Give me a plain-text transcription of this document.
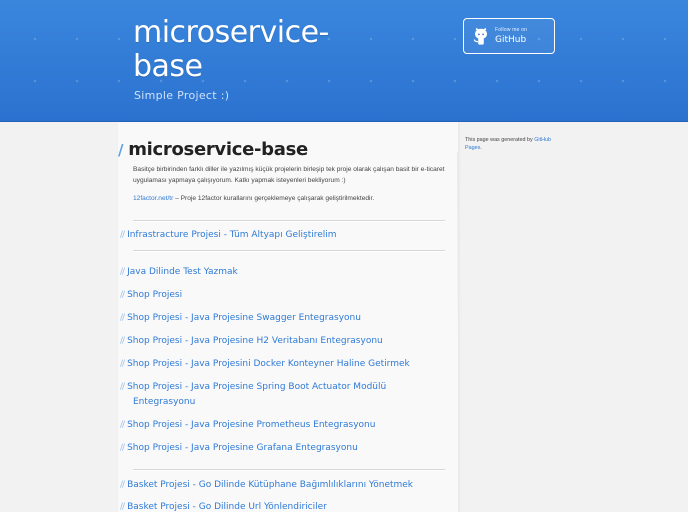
microservice-
base
Simple Project :)
Follow me on
GitHub
/ microservice-base

Basitçe birbirinden farklı diller ile yazılmış küçük projelerin birleşip tek proje olarak çalışan basit bir e-ticaret uygulaması yapmaya çalışıyorum. Katkı yapmak isteyenleri bekliyorum :)

12factor.net/tr – Proje 12factor kurallarını gerçeklemeye çalışarak geliştirilmektedir.

// Infrastracture Projesi - Tüm Altyapı Geliştirelim
// Java Dilinde Test Yazmak
// Shop Projesi
// Shop Projesi - Java Projesine Swagger Entegrasyonu
// Shop Projesi - Java Projesine H2 Veritabanı Entegrasyonu
// Shop Projesi - Java Projesini Docker Konteyner Haline Getirmek
// Shop Projesi - Java Projesine Spring Boot Actuator Modülü
Entegrasyonu
// Shop Projesi - Java Projesine Prometheus Entegrasyonu
// Shop Projesi - Java Projesine Grafana Entegrasyonu
// Basket Projesi - Go Dilinde Kütüphane Bağımlılıklarını Yönetmek
// Basket Projesi - Go Dilinde Url Yönlendiriciler
This page was generated by GitHub Pages.
